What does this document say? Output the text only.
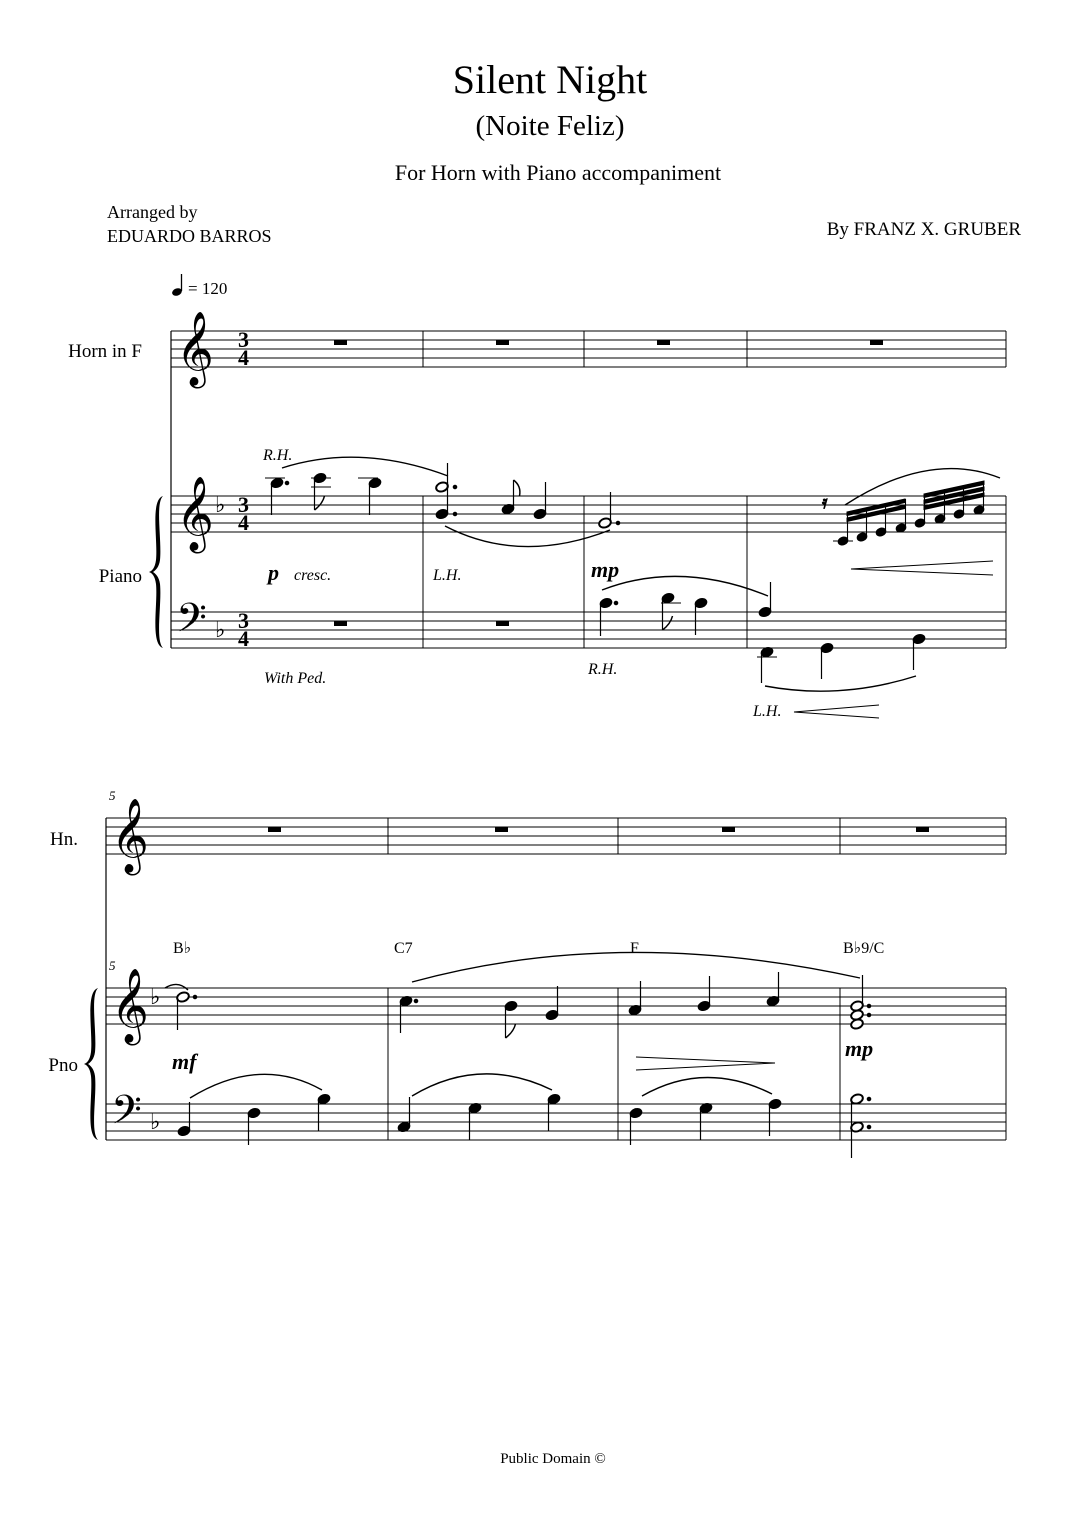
Silent Night
(Noite Feliz)
For Horn with Piano accompaniment
Arranged by
EDUARDO BARROS	By FRANZ X. GRUBER
Public Domain ©
= 120
𝄞
𝄞
𝄢
♭
♭
3
4
3
4
3
4
𝄿
R.H.
cresc.	L.H.
With Ped.
R.H.
L.H.
p	mp
Horn in F
Piano
5
5
𝄞
𝄞
𝄢
♭
♭
B♭	C7	F	B♭9/C
mf
mp
Hn.
Pno
